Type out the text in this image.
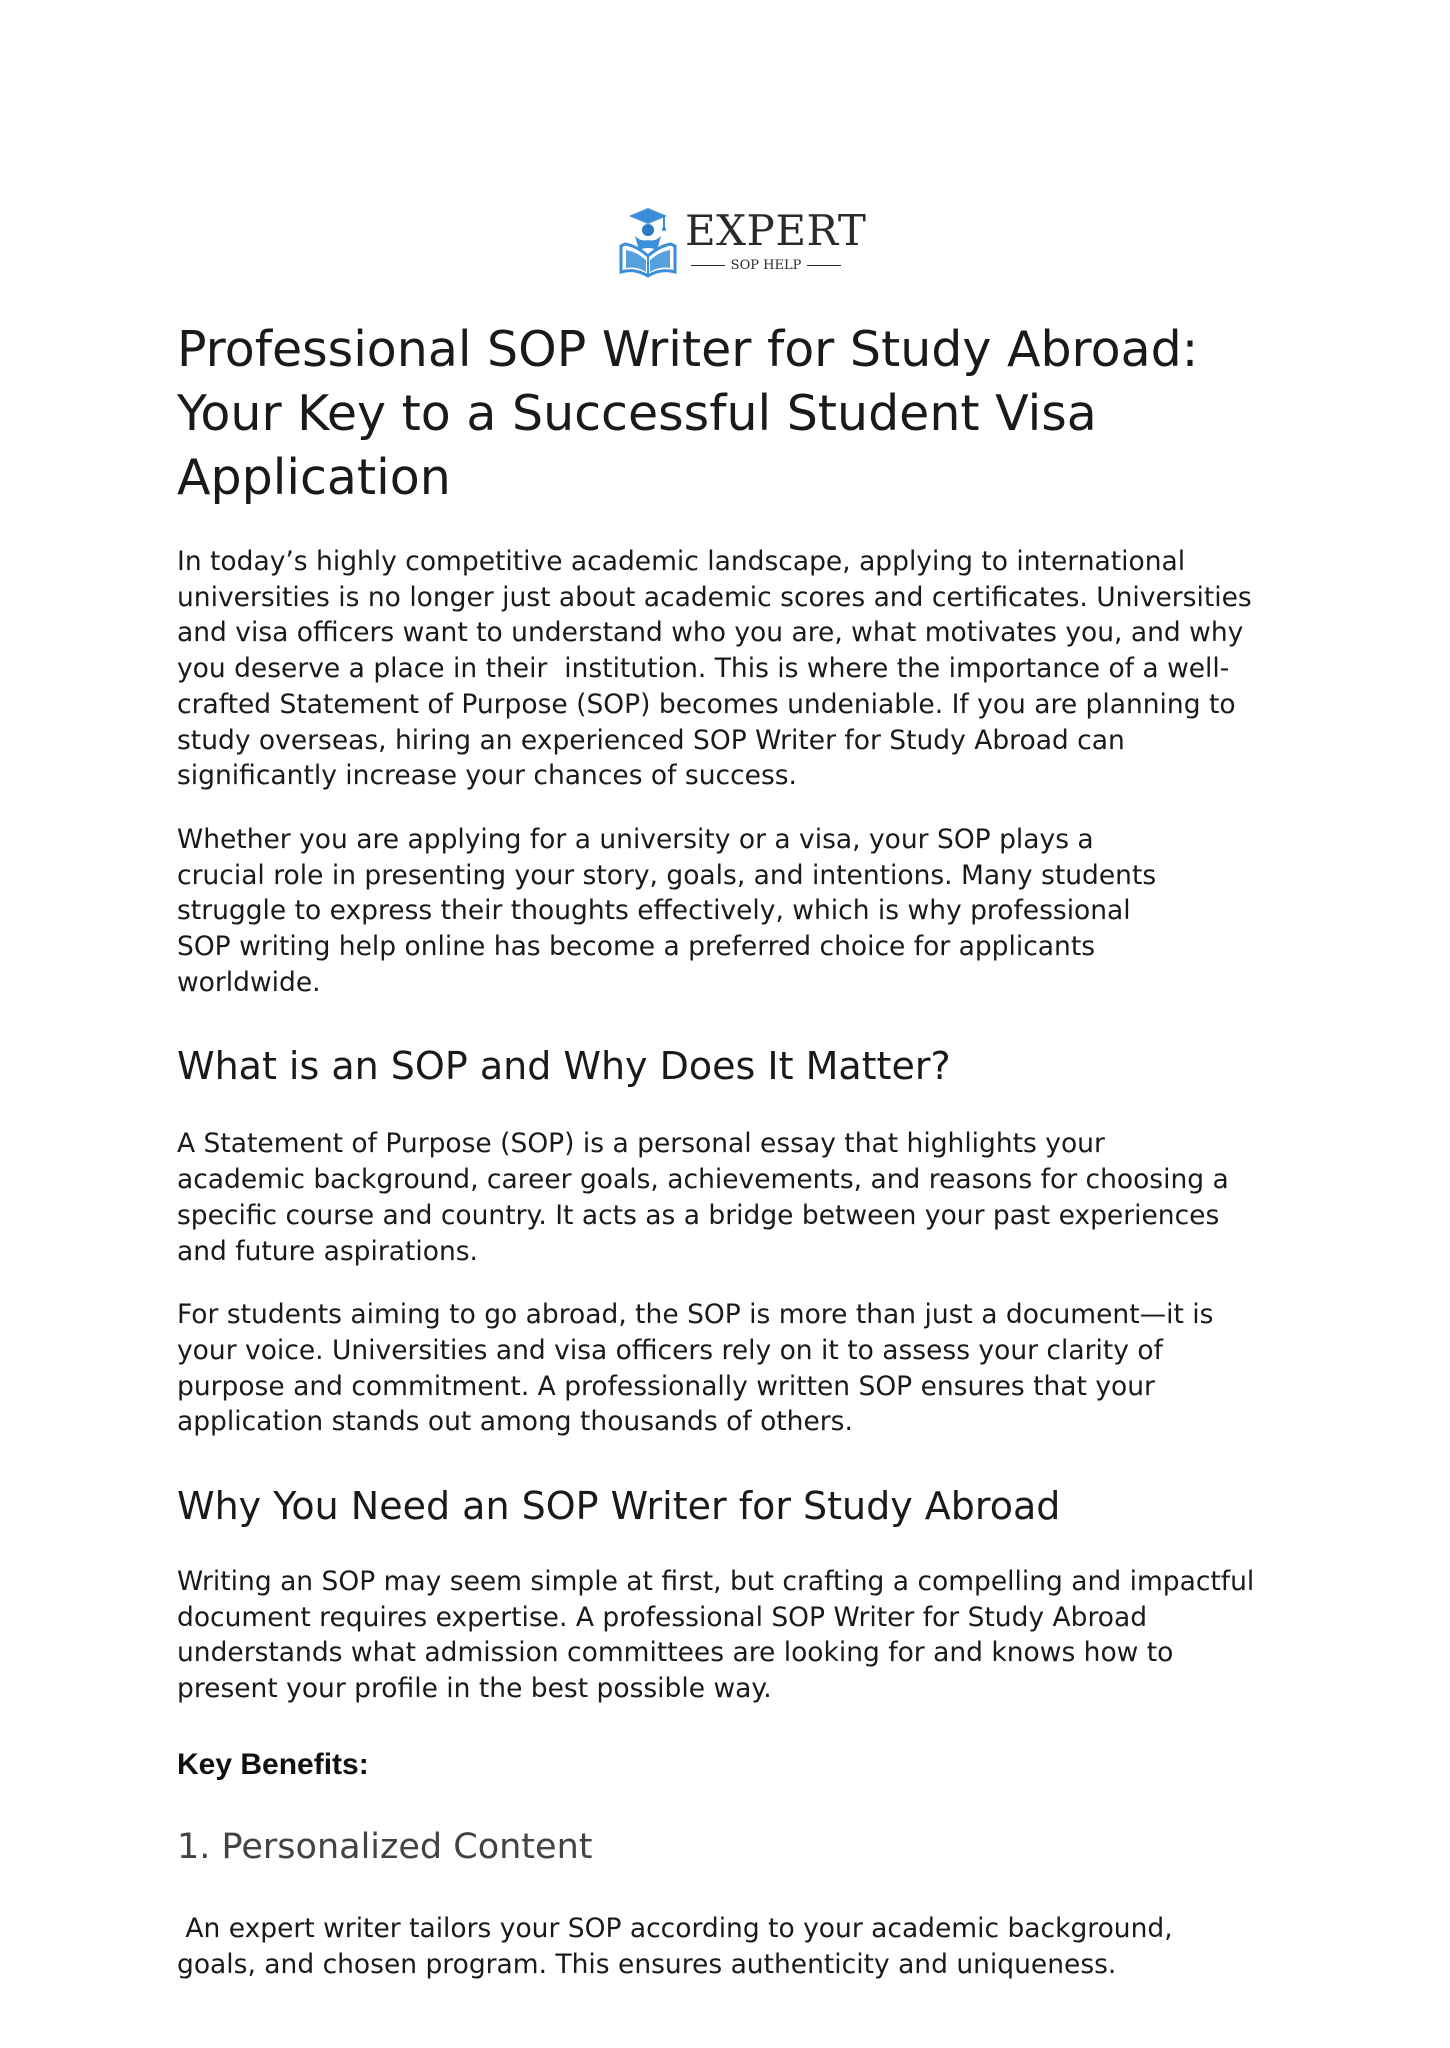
EXPERT
SOP HELP
Professional SOP Writer for Study Abroad:
Your Key to a Successful Student Visa
Application

In today’s highly competitive academic landscape, applying to international
universities is no longer just about academic scores and certificates. Universities
and visa officers want to understand who you are, what motivates you, and why
you deserve a place in their  institution. This is where the importance of a well-
crafted Statement of Purpose (SOP) becomes undeniable. If you are planning to
study overseas, hiring an experienced SOP Writer for Study Abroad can
significantly increase your chances of success.

Whether you are applying for a university or a visa, your SOP plays a
crucial role in presenting your story, goals, and intentions. Many students
struggle to express their thoughts effectively, which is why professional
SOP writing help online has become a preferred choice for applicants
worldwide.

What is an SOP and Why Does It Matter?

A Statement of Purpose (SOP) is a personal essay that highlights your
academic background, career goals, achievements, and reasons for choosing a
specific course and country. It acts as a bridge between your past experiences
and future aspirations.

For students aiming to go abroad, the SOP is more than just a document—it is
your voice. Universities and visa officers rely on it to assess your clarity of
purpose and commitment. A professionally written SOP ensures that your
application stands out among thousands of others.

Why You Need an SOP Writer for Study Abroad

Writing an SOP may seem simple at first, but crafting a compelling and impactful
document requires expertise. A professional SOP Writer for Study Abroad
understands what admission committees are looking for and knows how to
present your profile in the best possible way.

Key Benefits:
1. Personalized Content

An expert writer tailors your SOP according to your academic background,
goals, and chosen program. This ensures authenticity and uniqueness.
